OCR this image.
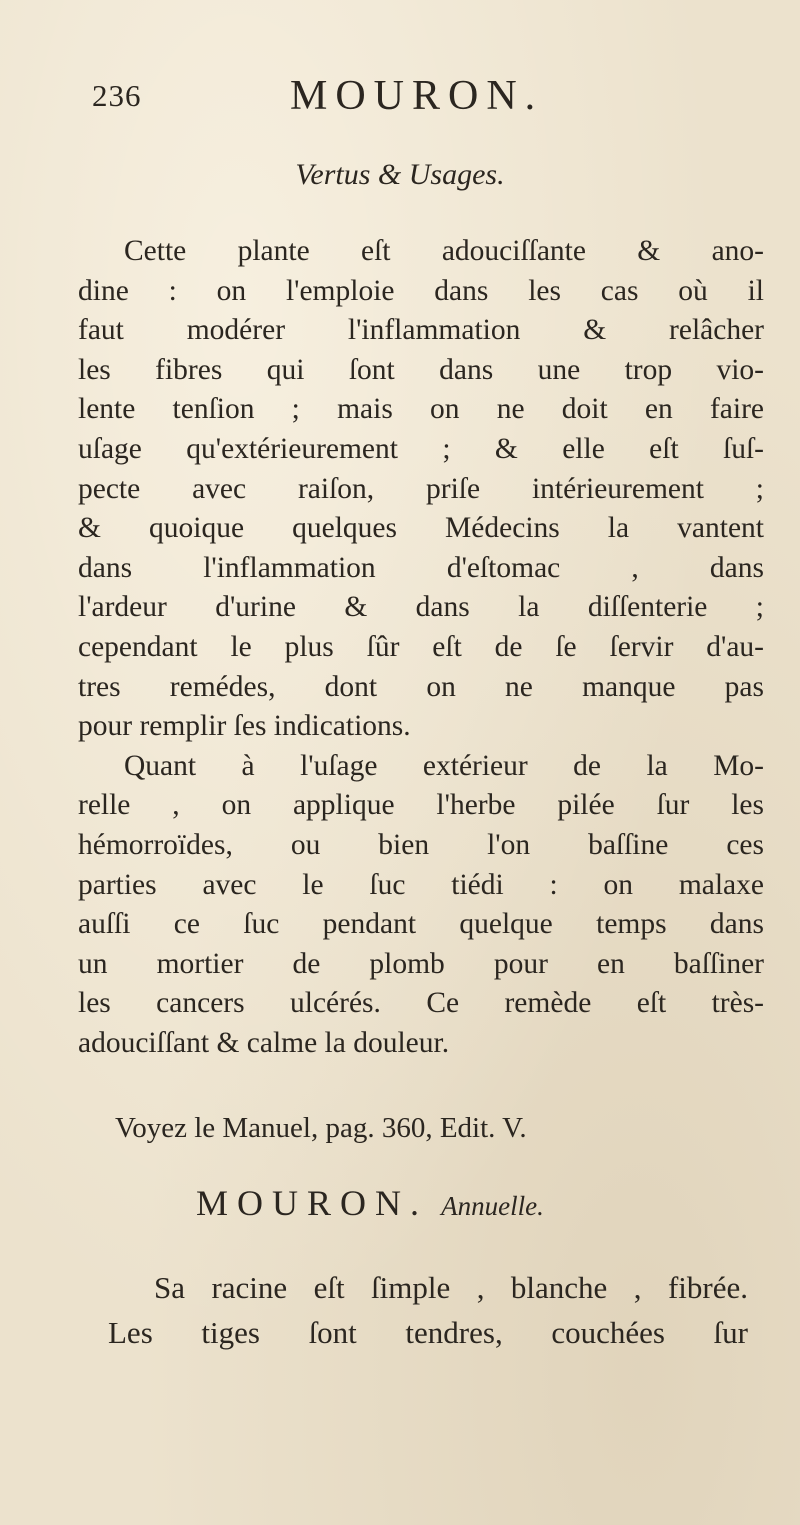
236	MOURON.
Vertus & Usages.
Cette plante eſt adouciſſante & ano-
dine : on l'emploie dans les cas où il
faut modérer l'inflammation & relâcher
les fibres qui ſont dans une trop vio-
lente tenſion ; mais on ne doit en faire
uſage qu'extérieurement ; & elle eſt ſuſ-
pecte avec raiſon, priſe intérieurement ;
& quoique quelques Médecins la vantent
dans l'inflammation d'eſtomac , dans
l'ardeur d'urine & dans la diſſenterie ;
cependant le plus ſûr eſt de ſe ſervir d'au-
tres remédes, dont on ne manque pas
pour remplir ſes indications.
Quant à l'uſage extérieur de la Mo-
relle , on applique l'herbe pilée ſur les
hémorroïdes, ou bien l'on baſſine ces
parties avec le ſuc tiédi : on malaxe
auſſi ce ſuc pendant quelque temps dans
un mortier de plomb pour en baſſiner
les cancers ulcérés. Ce remède eſt très-
adouciſſant & calme la douleur.
Voyez le Manuel, pag. 360, Edit. V.
MOURON. Annuelle.
Sa racine eſt ſimple , blanche , fibrée.
Les tiges ſont tendres, couchées ſur
